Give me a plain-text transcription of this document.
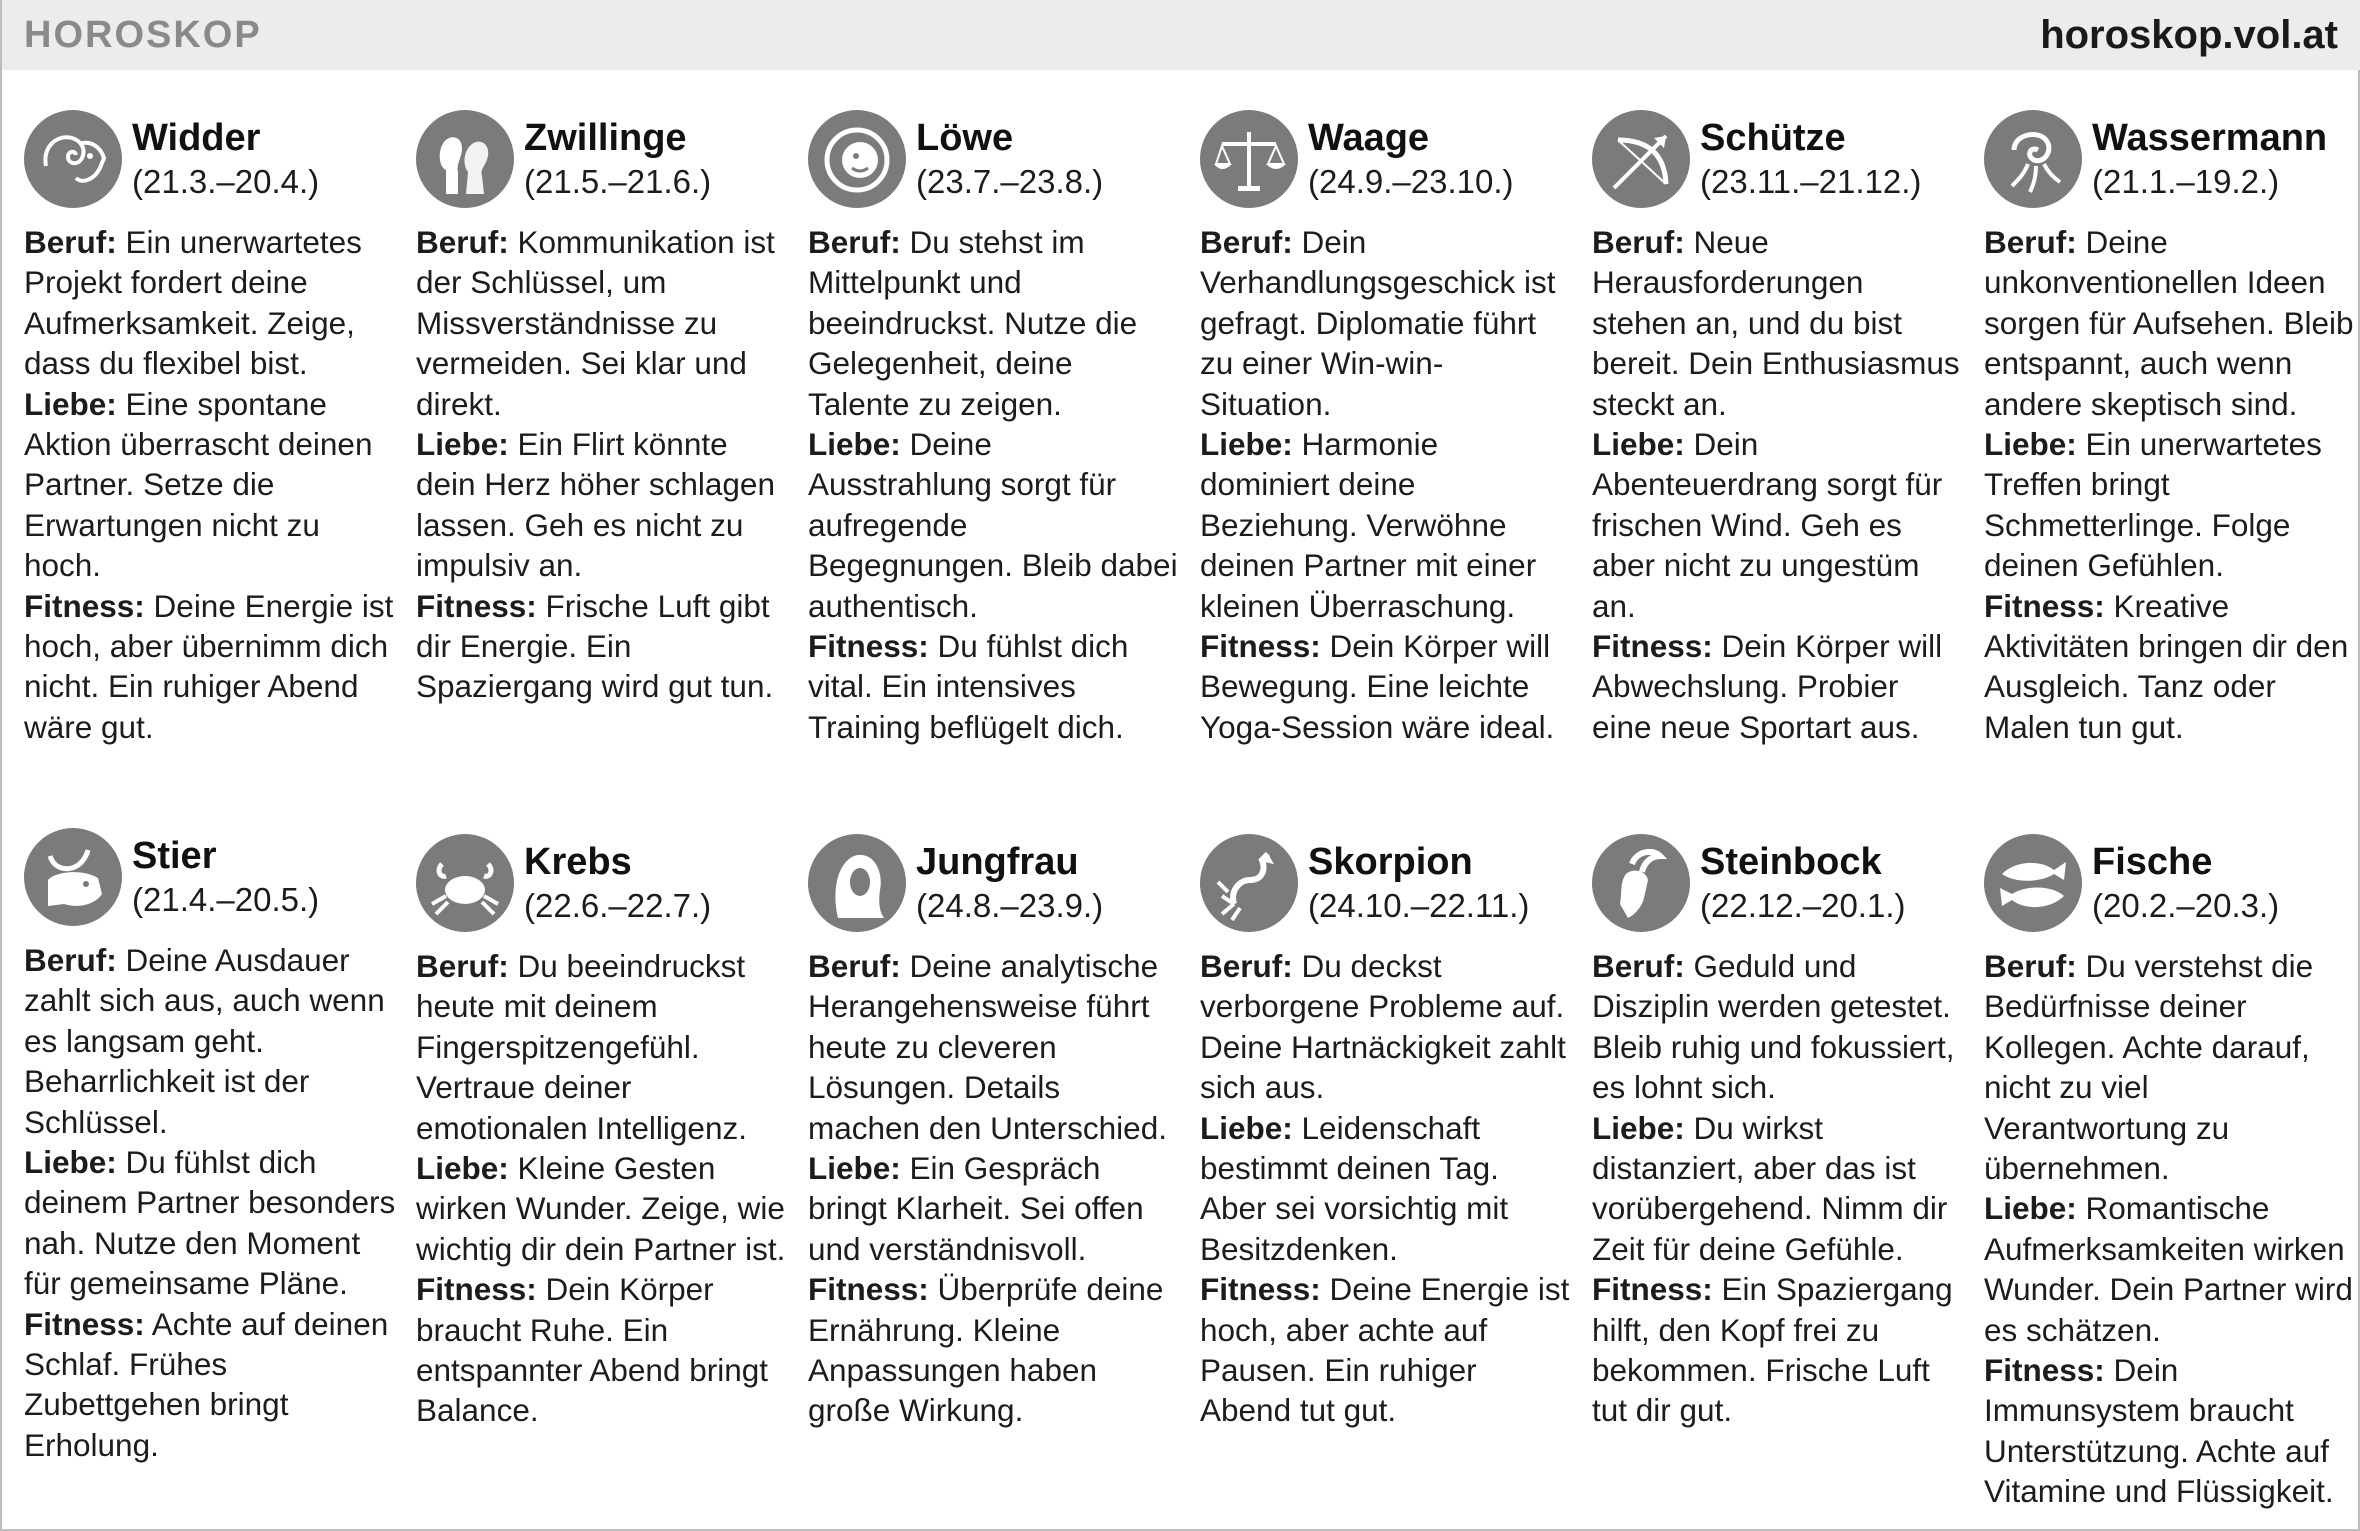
HOROSKOP	horoskop.vol.at
Widder
(21.3.–20.4.)

Beruf: Ein unerwartetes Projekt fordert deine Aufmerksamkeit. Zeige, dass du flexibel bist.

Liebe: Eine spontane Aktion überrascht deinen Partner. Setze die Erwartungen nicht zu hoch.

Fitness: Deine Energie ist hoch, aber übernimm dich nicht. Ein ruhiger Abend wäre gut.

Zwillinge
(21.5.–21.6.)

Beruf: Kommunikation ist der Schlüssel, um Missverständnisse zu vermeiden. Sei klar und direkt.

Liebe: Ein Flirt könnte dein Herz höher schlagen lassen. Geh es nicht zu impulsiv an.

Fitness: Frische Luft gibt dir Energie. Ein Spaziergang wird gut tun.

Löwe
(23.7.–23.8.)

Beruf: Du stehst im Mittelpunkt und beeindruckst. Nutze die Gelegenheit, deine Talente zu zeigen.

Liebe: Deine Ausstrahlung sorgt für aufregende Begegnungen. Bleib dabei authentisch.

Fitness: Du fühlst dich vital. Ein intensives Training beflügelt dich.

Waage
(24.9.–23.10.)

Beruf: Dein Verhandlungsgeschick ist gefragt. Diplomatie führt zu einer Win-win-Situation.

Liebe: Harmonie dominiert deine Beziehung. Verwöhne deinen Partner mit einer kleinen Überraschung.

Fitness: Dein Körper will Bewegung. Eine leichte Yoga-Session wäre ideal.

Schütze
(23.11.–21.12.)

Beruf: Neue Herausforderungen stehen an, und du bist bereit. Dein Enthusiasmus steckt an.

Liebe: Dein Abenteuerdrang sorgt für frischen Wind. Geh es aber nicht zu ungestüm an.

Fitness: Dein Körper will Abwechslung. Probier eine neue Sportart aus.

Wassermann
(21.1.–19.2.)

Beruf: Deine unkonventionellen Ideen sorgen für Aufsehen. Bleib entspannt, auch wenn andere skeptisch sind.

Liebe: Ein unerwartetes Treffen bringt Schmetterlinge. Folge deinen Gefühlen.

Fitness: Kreative Aktivitäten bringen dir den Ausgleich. Tanz oder Malen tun gut.

Stier
(21.4.–20.5.)

Beruf: Deine Ausdauer zahlt sich aus, auch wenn es langsam geht. Beharrlichkeit ist der Schlüssel.

Liebe: Du fühlst dich deinem Partner besonders nah. Nutze den Moment für gemeinsame Pläne.

Fitness: Achte auf deinen Schlaf. Frühes Zubettgehen bringt Erholung.

Krebs
(22.6.–22.7.)

Beruf: Du beeindruckst heute mit deinem Fingerspitzengefühl. Vertraue deiner emotionalen Intelligenz.

Liebe: Kleine Gesten wirken Wunder. Zeige, wie wichtig dir dein Partner ist.

Fitness: Dein Körper braucht Ruhe. Ein entspannter Abend bringt Balance.

Jungfrau
(24.8.–23.9.)

Beruf: Deine analytische Herangehensweise führt heute zu cleveren Lösungen. Details machen den Unterschied.

Liebe: Ein Gespräch bringt Klarheit. Sei offen und verständnisvoll.

Fitness: Überprüfe deine Ernährung. Kleine Anpassungen haben große Wirkung.

Skorpion
(24.10.–22.11.)

Beruf: Du deckst verborgene Probleme auf. Deine Hartnäckigkeit zahlt sich aus.

Liebe: Leidenschaft bestimmt deinen Tag. Aber sei vorsichtig mit Besitzdenken.

Fitness: Deine Energie ist hoch, aber achte auf Pausen. Ein ruhiger Abend tut gut.

Steinbock
(22.12.–20.1.)

Beruf: Geduld und Disziplin werden getestet. Bleib ruhig und fokussiert, es lohnt sich.

Liebe: Du wirkst distanziert, aber das ist vorübergehend. Nimm dir Zeit für deine Gefühle.

Fitness: Ein Spaziergang hilft, den Kopf frei zu bekommen. Frische Luft tut dir gut.

Fische
(20.2.–20.3.)

Beruf: Du verstehst die Bedürfnisse deiner Kollegen. Achte darauf, nicht zu viel Verantwortung zu übernehmen.

Liebe: Romantische Aufmerksamkeiten wirken Wunder. Dein Partner wird es schätzen.

Fitness: Dein Immunsystem braucht Unterstützung. Achte auf Vitamine und Flüssigkeit.
